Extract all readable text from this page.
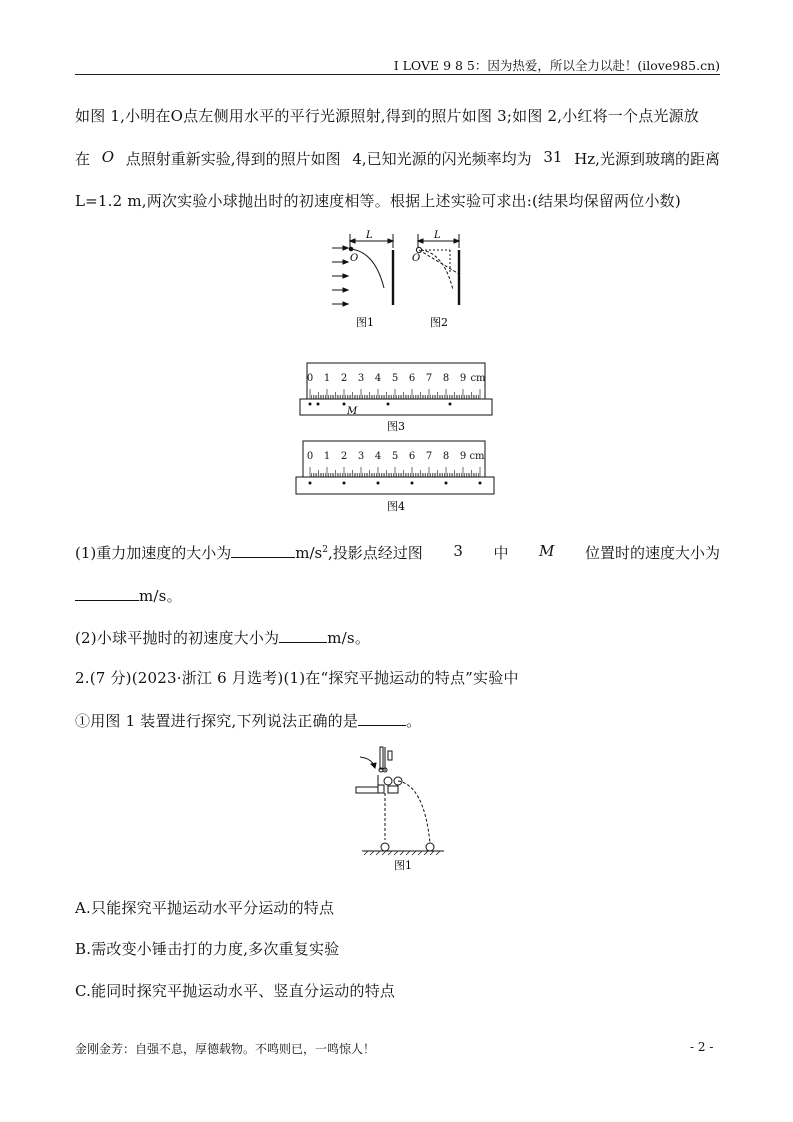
I LOVE 9 8 5：因为热爱，所以全力以赴！(ilove985.cn)
如图 1,小明在O点左侧用水平的平行光源照射,得到的照片如图 3;如图 2,小红将一个点光源放
在 O 点照射重新实验,得到的照片如图 4,已知光源的闪光频率均为 31 Hz,光源到玻璃的距离
L=1.2 m,两次实验小球抛出时的初速度相等。根据上述实验可求出:(结果均保留两位小数)
L
O
图1
L
O
图2
0 1 2 3 4 5 6 7 8 9 cm
M
图3
0 1 2 3 4 5 6 7 8 9 cm
图4
(1)重力加速度的大小为	$m/s^2$,投影点经过图 3 中 M 位置时的速度大小为
m/s。
(2)小球平抛时的初速度大小为	m/s。
2.(7 分)(2023·浙江 6 月选考)(1)在“探究平抛运动的特点”实验中
①用图 1 装置进行探究,下列说法正确的是	。
图1
A.只能探究平抛运动水平分运动的特点
B.需改变小锤击打的力度,多次重复实验
C.能同时探究平抛运动水平、竖直分运动的特点
金刚金芳：自强不息，厚德载物。不鸣则已，一鸣惊人！	- 2 -
